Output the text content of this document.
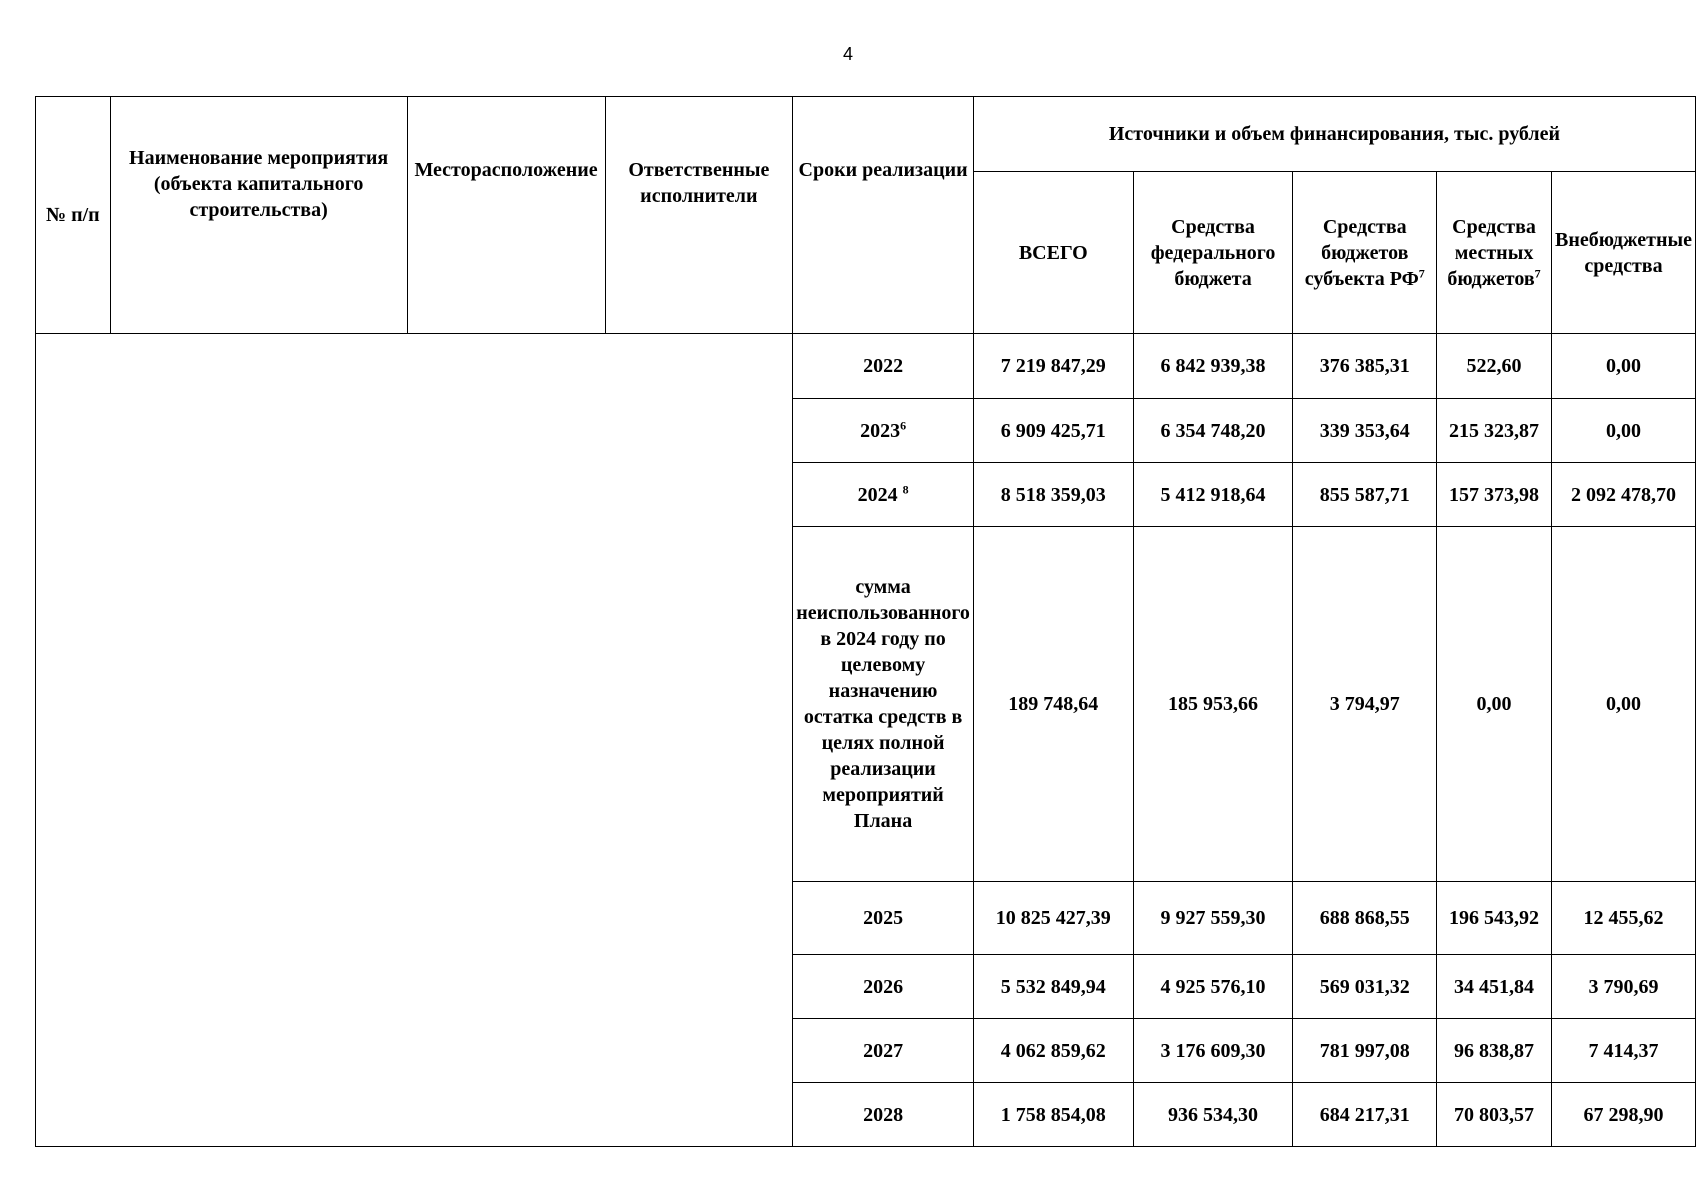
4
№ п/п	Наименование мероприятия (объекта капитального строительства)	Месторасположение	Ответственные исполнители	Сроки реализации	Источники и объем финансирования, тыс. рублей				
					ВСЕГО	Средства федерального бюджета	Средства бюджетов субъекта $РФ^7$	Средства местных бюджетов$^7$	Внебюджетные средства
				2022	7 219 847,29	6 842 939,38	376 385,31	522,60	0,00
				2023$^6$	6 909 425,71	6 354 748,20	339 353,64	215 323,87	0,00
				2024 $^8$	8 518 359,03	5 412 918,64	855 587,71	157 373,98	2 092 478,70
				сумма неиспользованного в 2024 году по целевому назначению остатка средств в целях полной реализации мероприятий Плана	189 748,64	185 953,66	3 794,97	0,00	0,00
				2025	10 825 427,39	9 927 559,30	688 868,55	196 543,92	12 455,62
				2026	5 532 849,94	4 925 576,10	569 031,32	34 451,84	3 790,69
				2027	4 062 859,62	3 176 609,30	781 997,08	96 838,87	7 414,37
				2028	1 758 854,08	936 534,30	684 217,31	70 803,57	67 298,90
